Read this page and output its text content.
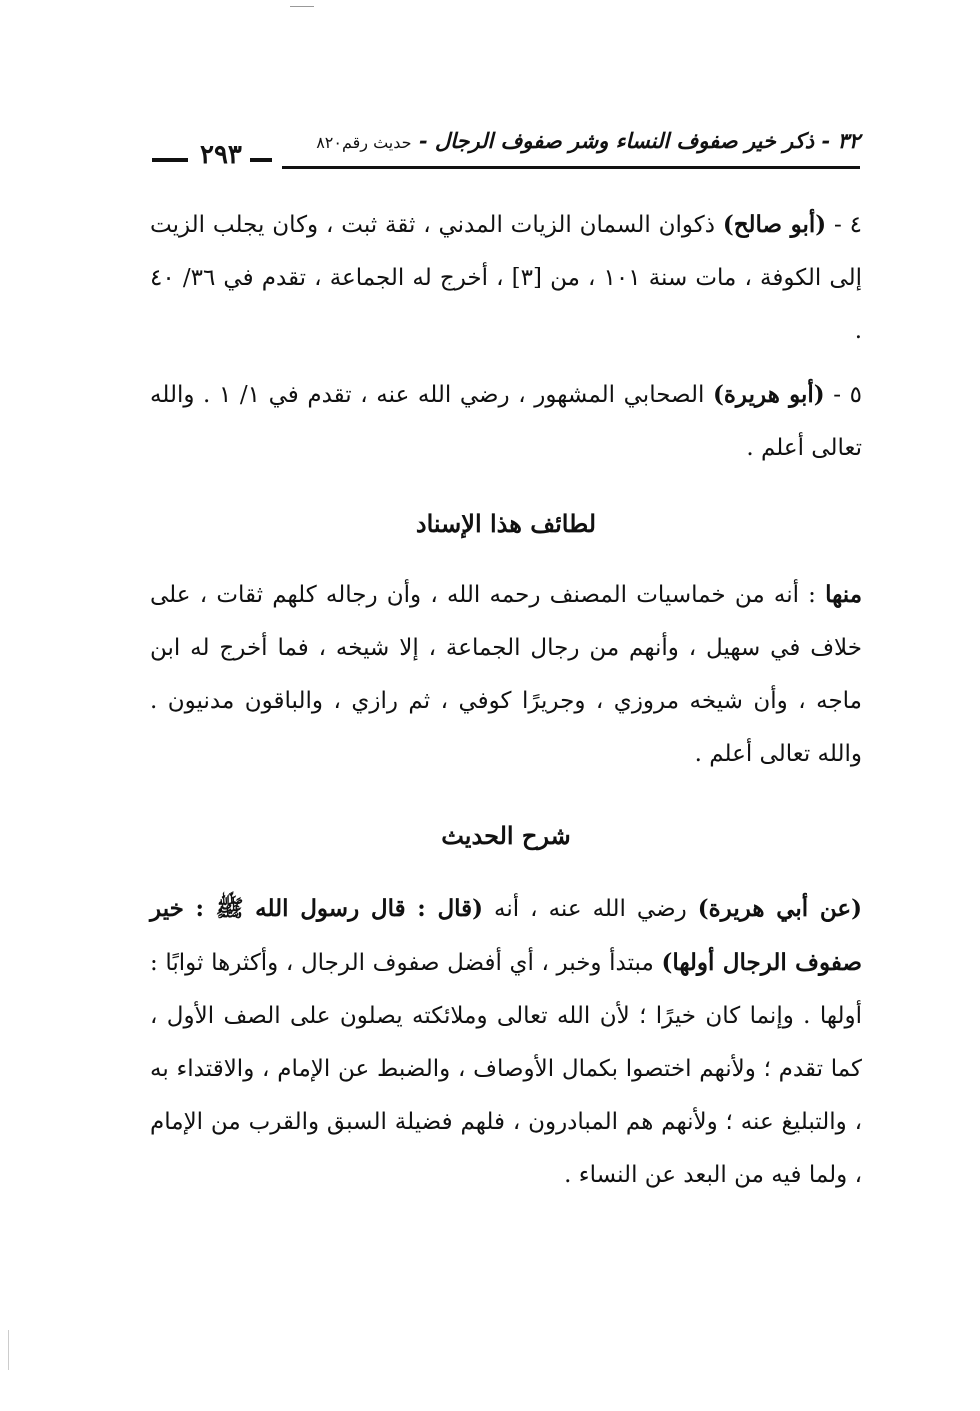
٢٩٣	٣٢ - ذكر خير صفوف النساء وشر صفوف الرجال - حديث رقم٨٢٠

٤ - (أبو صالح) ذكوان السمان الزيات المدني ، ثقة ثبت ، وكان يجلب الزيت إلى الكوفة ، مات سنة ١٠١ ، من [٣] ، أخرج له الجماعة ، تقدم في ٣٦/ ٤٠ .

٥ - (أبو هريرة) الصحابي المشهور ، رضي الله عنه ، تقدم في ١/ ١ . والله تعالى أعلم .

لطائف هذا الإسناد

منها : أنه من خماسيات المصنف رحمه الله ، وأن رجاله كلهم ثقات ، على خلاف في سهيل ، وأنهم من رجال الجماعة ، إلا شيخه ، فما أخرج له ابن ماجه ، وأن شيخه مروزي ، وجريرًا كوفي ، ثم رازي ، والباقون مدنيون . والله تعالى أعلم .

شرح الحديث

(عن أبي هريرة) رضي الله عنه ، أنه (قال : قال رسول الله ﷺ : خير صفوف الرجال أولها) مبتدأ وخبر ، أي أفضل صفوف الرجال ، وأكثرها ثوابًا : أولها . وإنما كان خيرًا ؛ لأن الله تعالى وملائكته يصلون على الصف الأول ، كما تقدم ؛ ولأنهم اختصوا بكمال الأوصاف ، والضبط عن الإمام ، والاقتداء به ، والتبليغ عنه ؛ ولأنهم هم المبادرون ، فلهم فضيلة السبق والقرب من الإمام ، ولما فيه من البعد عن النساء .
